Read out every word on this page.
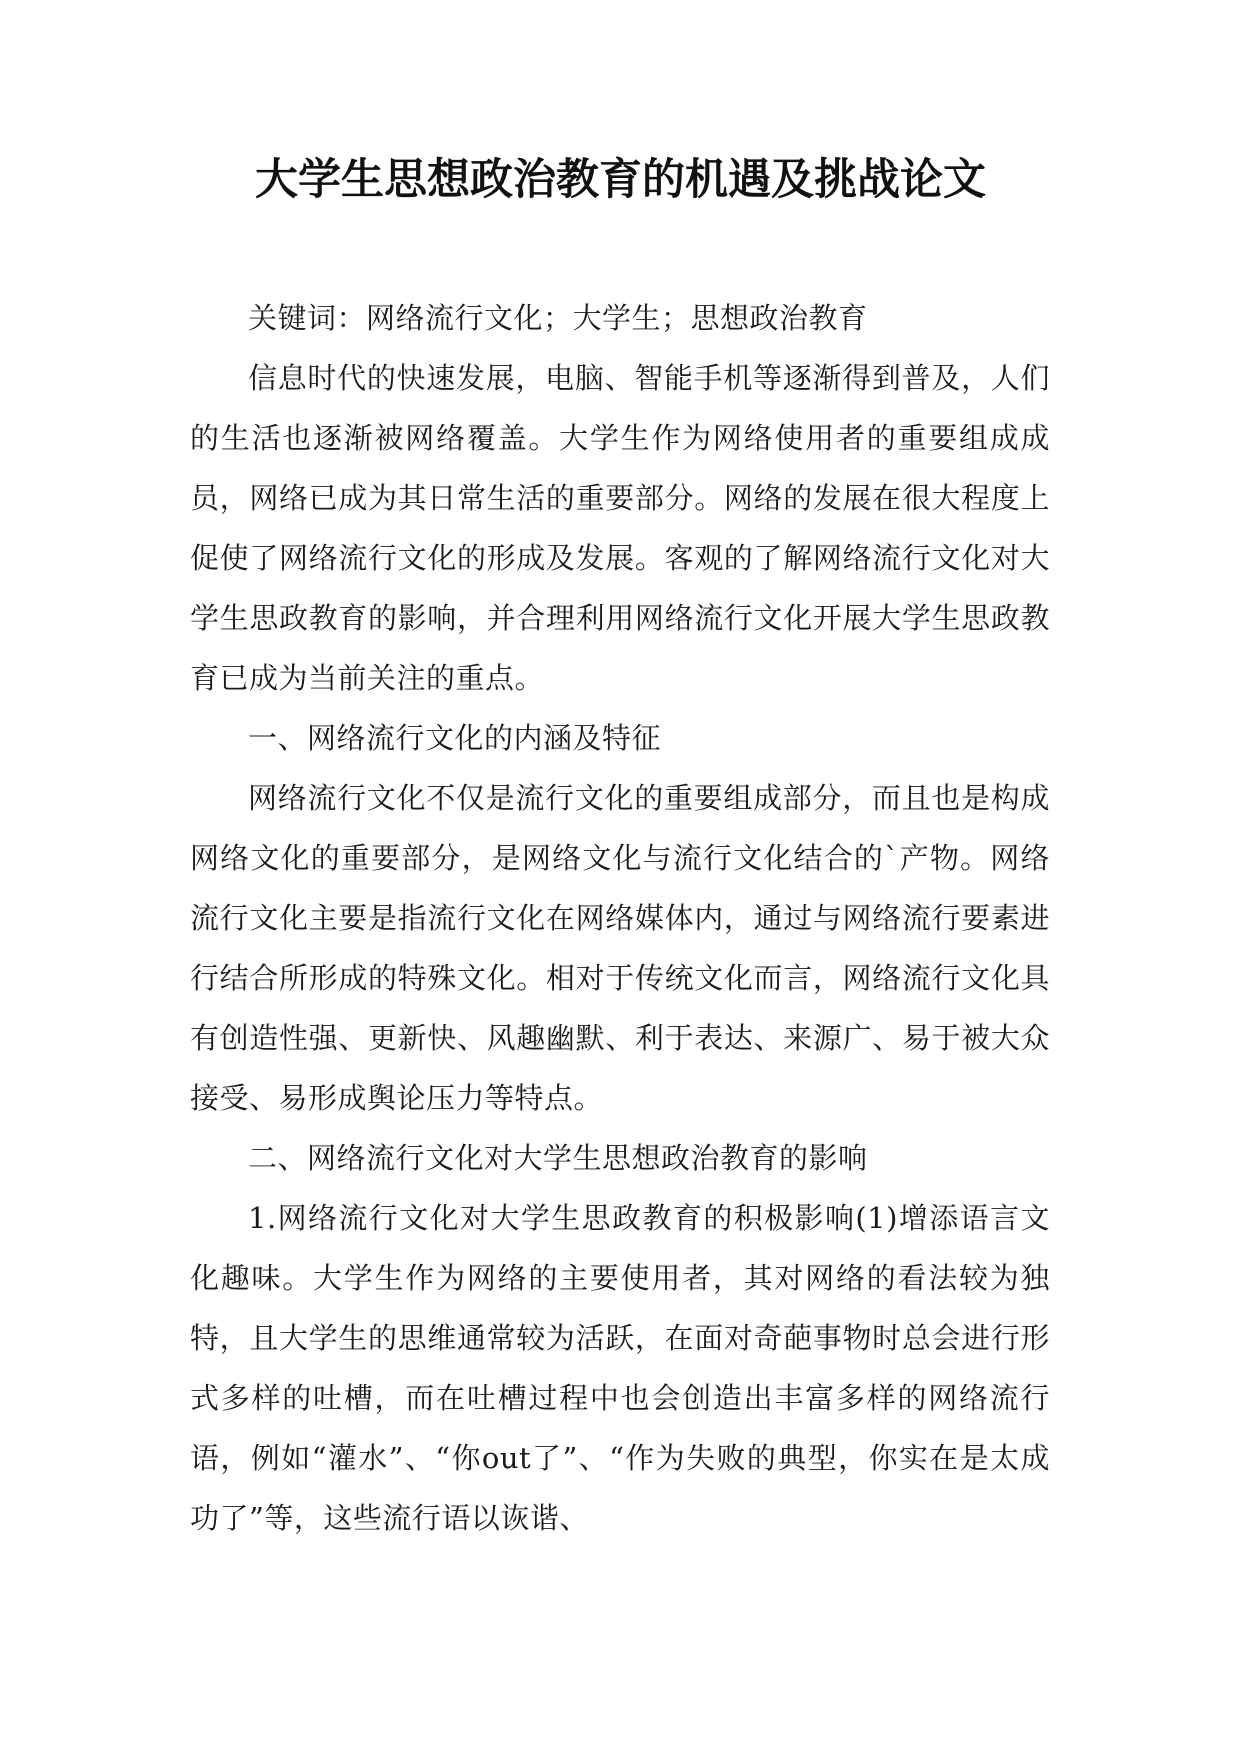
大学生思想政治教育的机遇及挑战论文

关键词：网络流行文化；大学生；思想政治教育

信息时代的快速发展，电脑、智能手机等逐渐得到普及，人们的生活也逐渐被网络覆盖。大学生作为网络使用者的重要组成成员，网络已成为其日常生活的重要部分。网络的发展在很大程度上促使了网络流行文化的形成及发展。客观的了解网络流行文化对大学生思政教育的影响，并合理利用网络流行文化开展大学生思政教育已成为当前关注的重点。

一、网络流行文化的内涵及特征

网络流行文化不仅是流行文化的重要组成部分，而且也是构成网络文化的重要部分，是网络文化与流行文化结合的`产物。网络流行文化主要是指流行文化在网络媒体内，通过与网络流行要素进行结合所形成的特殊文化。相对于传统文化而言，网络流行文化具有创造性强、更新快、风趣幽默、利于表达、来源广、易于被大众接受、易形成舆论压力等特点。

二、网络流行文化对大学生思想政治教育的影响

1.网络流行文化对大学生思政教育的积极影响(1)增添语言文化趣味。大学生作为网络的主要使用者，其对网络的看法较为独特，且大学生的思维通常较为活跃，在面对奇葩事物时总会进行形式多样的吐槽，而在吐槽过程中也会创造出丰富多样的网络流行语，例如“灌水”、“你out了”、“作为失败的典型，你实在是太成功了”等，这些流行语以诙谐、
